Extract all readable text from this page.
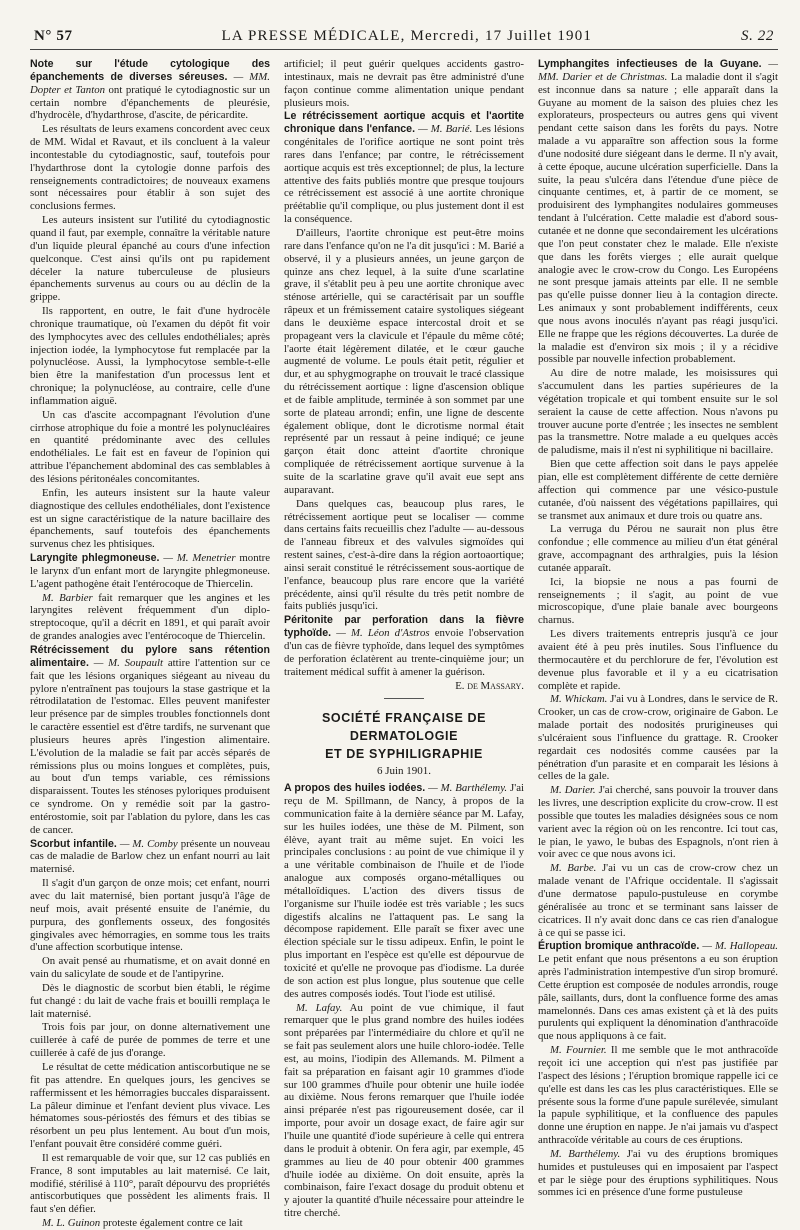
N° 57	LA PRESSE MÉDICALE, Mercredi, 17 Juillet 1901	S. 22

Note sur l'étude cytologique des épanchements de diverses séreuses. — MM. Dopter et Tanton ont pratiqué le cytodiagnostic sur un certain nombre d'épanchements de pleurésie, d'hydrocèle, d'hydarthrose, d'ascite, de péricardite.

Les résultats de leurs examens concordent avec ceux de MM. Widal et Ravaut, et ils concluent à la valeur incontestable du cytodiagnostic, sauf, toutefois pour l'hydarthrose dont la cytologie donne parfois des renseignements contradictoires; de nouveaux examens sont nécessaires pour établir à son sujet des conclusions fermes.

Les auteurs insistent sur l'utilité du cytodiagnostic quand il faut, par exemple, connaître la véritable nature d'un liquide pleural épanché au cours d'une infection quelconque. C'est ainsi qu'ils ont pu rapidement déceler la nature tuberculeuse de plusieurs épanchements survenus au cours ou au déclin de la grippe.

Ils rapportent, en outre, le fait d'une hydrocèle chronique traumatique, où l'examen du dépôt fit voir des lymphocytes avec des cellules endothéliales; après injection iodée, la lymphocytose fut remplacée par la polynucléose. Aussi, la lymphocytose semble-t-elle bien être la manifestation d'un processus lent et chronique; la polynucléose, au contraire, celle d'une inflammation aiguë.

Un cas d'ascite accompagnant l'évolution d'une cirrhose atrophique du foie a montré les polynucléaires en quantité prédominante avec des cellules endothéliales. Le fait est en faveur de l'opinion qui attribue l'épanchement abdominal des cas semblables à des lésions péritonéales concomitantes.

Enfin, les auteurs insistent sur la haute valeur diagnostique des cellules endothéliales, dont l'existence est un signe caractéristique de la nature bacillaire des épanchements, sauf toutefois des épanchements survenus chez les phtisiques.

Laryngite phlegmoneuse. — M. Menetrier montre le larynx d'un enfant mort de laryngite phlegmoneuse. L'agent pathogène était l'entérocoque de Thiercelin.

M. Barbier fait remarquer que les angines et les laryngites relèvent fréquemment d'un diplo-streptocoque, qu'il a décrit en 1891, et qui paraît avoir de grandes analogies avec l'entérocoque de Thiercelin.

Rétrécissement du pylore sans rétention alimentaire. — M. Soupault attire l'attention sur ce fait que les lésions organiques siégeant au niveau du pylore n'entraînent pas toujours la stase gastrique et la rétrodilatation de l'estomac. Elles peuvent manifester leur présence par de simples troubles fonctionnels dont le caractère essentiel est d'être tardifs, ne survenant que plusieurs heures après l'ingestion alimentaire. L'évolution de la maladie se fait par accès séparés de rémissions plus ou moins longues et complètes, puis, au bout d'un temps variable, ces rémissions disparaissent. Toutes les sténoses pyloriques produisent ce syndrome. On y remédie soit par la gastro-entérostomie, soit par l'ablation du pylore, dans les cas de cancer.

Scorbut infantile. — M. Comby présente un nouveau cas de maladie de Barlow chez un enfant nourri au lait maternisé.

Il s'agit d'un garçon de onze mois; cet enfant, nourri avec du lait maternisé, bien portant jusqu'à l'âge de neuf mois, avait présenté ensuite de l'anémie, du purpura, des gonflements osseux, des fongosités gingivales avec hémorragies, en somme tous les traits d'une affection scorbutique intense.

On avait pensé au rhumatisme, et on avait donné en vain du salicylate de soude et de l'antipyrine.

Dès le diagnostic de scorbut bien établi, le régime fut changé : du lait de vache frais et bouilli remplaça le lait maternisé.

Trois fois par jour, on donne alternativement une cuillerée à café de purée de pommes de terre et une cuillerée à café de jus d'orange.

Le résultat de cette médication antiscorbutique ne se fit pas attendre. En quelques jours, les gencives se raffermissent et les hémorragies buccales disparaissent. La pâleur diminue et l'enfant devient plus vivace. Les hématomes sous-périostés des fémurs et des tibias se résorbent un peu plus lentement. Au bout d'un mois, l'enfant pouvait être considéré comme guéri.

Il est remarquable de voir que, sur 12 cas publiés en France, 8 sont imputables au lait maternisé. Ce lait, modifié, stérilisé à 110°, paraît dépourvu des propriétés antiscorbutiques que possèdent les aliments frais. Il faut s'en défier.

M. L. Guinon proteste également contre ce lait

artificiel; il peut guérir quelques accidents gastro-intestinaux, mais ne devrait pas être administré d'une façon continue comme alimentation unique pendant plusieurs mois.

Le rétrécissement aortique acquis et l'aortite chronique dans l'enfance. — M. Barié. Les lésions congénitales de l'orifice aortique ne sont point très rares dans l'enfance; par contre, le rétrécissement aortique acquis est très exceptionnel; de plus, la lecture attentive des faits publiés montre que presque toujours ce rétrécissement est associé à une aortite chronique préétablie qu'il complique, ou plus justement dont il est la conséquence.

D'ailleurs, l'aortite chronique est peut-être moins rare dans l'enfance qu'on ne l'a dit jusqu'ici : M. Barié a observé, il y a plusieurs années, un jeune garçon de quinze ans chez lequel, à la suite d'une scarlatine grave, il s'établit peu à peu une aortite chronique avec sténose artérielle, qui se caractérisait par un souffle râpeux et un frémissement cataire systoliques siégeant dans le deuxième espace intercostal droit et se propageant vers la clavicule et l'épaule du même côté; l'aorte était légèrement dilatée, et le cœur gauche augmenté de volume. Le pouls était petit, régulier et dur, et au sphygmographe on trouvait le tracé classique du rétrécissement aortique : ligne d'ascension oblique et de faible amplitude, terminée à son sommet par une sorte de plateau arrondi; enfin, une ligne de descente également oblique, dont le dicrotisme normal était représenté par un ressaut à peine indiqué; ce jeune garçon était donc atteint d'aortite chronique compliquée de rétrécissement aortique survenue à la suite de la scarlatine grave qu'il avait eue sept ans auparavant.

Dans quelques cas, beaucoup plus rares, le rétrécissement aortique peut se localiser — comme dans certains faits recueillis chez l'adulte — au-dessous de l'anneau fibreux et des valvules sigmoïdes qui restent saines, c'est-à-dire dans la région aortoaortique; ainsi serait constitué le rétrécissement sous-aortique de l'enfance, beaucoup plus rare encore que la variété précédente, ainsi qu'il résulte du très petit nombre de faits publiés jusqu'ici.

Péritonite par perforation dans la fièvre typhoïde. — M. Léon d'Astros envoie l'observation d'un cas de fièvre typhoïde, dans lequel des symptômes de perforation éclatèrent au trente-cinquième jour; un traitement médical suffit à amener la guérison.

E. de Massary.

SOCIÉTÉ FRANÇAISE DE DERMATOLOGIE
ET DE SYPHILIGRAPHIE
6 Juin 1901.

A propos des huiles iodées. — M. Barthélemy. J'ai reçu de M. Spillmann, de Nancy, à propos de la communication faite à la dernière séance par M. Lafay, sur les huiles iodées, une thèse de M. Pilment, son élève, ayant trait au même sujet. En voici les principales conclusions : au point de vue chimique il y a une véritable combinaison de l'huile et de l'iode analogue aux composés organo-métalliques ou métalloïdiques. L'action des divers tissus de l'organisme sur l'huile iodée est très variable ; les sucs digestifs alcalins ne l'attaquent pas. Le sang la décompose rapidement. Elle paraît se fixer avec une élection spéciale sur le tissu adipeux. Enfin, le point le plus important en l'espèce est qu'elle est dépourvue de toxicité et qu'elle ne provoque pas d'iodisme. La durée de son action est plus longue, plus soutenue que celle des autres composés iodés. Tout l'iode est utilisé.

M. Lafay. Au point de vue chimique, il faut remarquer que le plus grand nombre des huiles iodées sont préparées par l'intermédiaire du chlore et qu'il ne se fait pas seulement alors une huile chloro-iodée. Telle est, au moins, l'iodipin des Allemands. M. Pilment a fait sa préparation en faisant agir 10 grammes d'iode sur 100 grammes d'huile pour obtenir une huile iodée au dixième. Nous ferons remarquer que l'huile iodée ainsi préparée n'est pas rigoureusement dosée, car il importe, pour avoir un dosage exact, de faire agir sur l'huile une quantité d'iode supérieure à celle qui entrera dans le produit à obtenir. On fera agir, par exemple, 45 grammes au lieu de 40 pour obtenir 400 grammes d'huile iodée au dixième. On doit ensuite, après la combinaison, faire l'exact dosage du produit obtenu et y ajouter la quantité d'huile nécessaire pour atteindre le titre cherché.

Lymphangites infectieuses de la Guyane. — MM. Darier et de Christmas. La maladie dont il s'agit est inconnue dans sa nature ; elle apparaît dans la Guyane au moment de la saison des pluies chez les explorateurs, prospecteurs ou autres gens qui vivent pendant cette saison dans les forêts du pays. Notre malade a vu apparaître son affection sous la forme d'une nodosité dure siégeant dans le derme. Il n'y avait, à cette époque, aucune ulcération superficielle. Dans la suite, la peau s'ulcéra dans l'étendue d'une pièce de cinquante centimes, et, à partir de ce moment, se produisirent des lymphangites nodulaires gommeuses tendant à l'ulcération. Cette maladie est d'abord sous-cutanée et ne donne que secondairement les ulcérations que l'on peut constater chez le malade. Elle n'existe que dans les forêts vierges ; elle aurait quelque analogie avec le crow-crow du Congo. Les Européens ne sont presque jamais atteints par elle. Il ne semble pas qu'elle puisse donner lieu à la contagion directe. Les animaux y sont probablement indifférents, ceux que nous avons inoculés n'ayant pas réagi jusqu'ici. Elle ne frappe que les régions découvertes. La durée de la maladie est d'environ six mois ; il y a récidive possible par nouvelle infection probablement.

Au dire de notre malade, les moisissures qui s'accumulent dans les parties supérieures de la végétation tropicale et qui tombent ensuite sur le sol seraient la cause de cette affection. Nous n'avons pu trouver aucune porte d'entrée ; les insectes ne semblent pas la transmettre. Notre malade a eu quelques accès de paludisme, mais il n'est ni syphilitique ni bacillaire.

Bien que cette affection soit dans le pays appelée pian, elle est complètement différente de cette dernière affection qui commence par une vésico-pustule cutanée, d'où naissent des végétations papillaires, qui se transmet aux animaux et dure trois ou quatre ans.

La verruga du Pérou ne saurait non plus être confondue ; elle commence au milieu d'un état général grave, accompagnant des arthralgies, puis la lésion cutanée apparaît.

Ici, la biopsie ne nous a pas fourni de renseignements ; il s'agit, au point de vue microscopique, d'une plaie banale avec bourgeons charnus.

Les divers traitements entrepris jusqu'à ce jour avaient été à peu près inutiles. Sous l'influence du thermocautère et du perchlorure de fer, l'évolution est devenue plus favorable et il y a eu cicatrisation complète et rapide.

M. Whickam. J'ai vu à Londres, dans le service de R. Crooker, un cas de crow-crow, originaire de Gabon. Le malade portait des nodosités prurigineuses qui s'ulcéraient sous l'influence du grattage. R. Crooker regardait ces nodosités comme causées par la pénétration d'un parasite et en comparait les lésions à celles de la gale.

M. Darier. J'ai cherché, sans pouvoir la trouver dans les livres, une description explicite du crow-crow. Il est possible que toutes les maladies désignées sous ce nom varient avec la région où on les rencontre. Ici tout cas, le pian, le yawo, le bubas des Espagnols, n'ont rien à voir avec ce que nous avons ici.

M. Barbe. J'ai vu un cas de crow-crow chez un malade venant de l'Afrique occidentale. Il s'agissait d'une dermatose papulo-pustuleuse en corymbe généralisée au tronc et se terminant sans laisser de cicatrices. Il n'y avait donc dans ce cas rien d'analogue à ce qui se passe ici.

Éruption bromique anthracoïde. — M. Hallopeau. Le petit enfant que nous présentons a eu son éruption après l'administration intempestive d'un sirop bromuré. Cette éruption est composée de nodules arrondis, rouge pâle, saillants, durs, dont la confluence forme des amas mamelonnés. Dans ces amas existent çà et là des puits purulents qui expliquent la dénomination d'anthracoïde que nous appliquons à ce fait.

M. Fournier. Il me semble que le mot anthracoïde reçoit ici une acception qui n'est pas justifiée par l'aspect des lésions ; l'éruption bromique rappelle ici ce qu'elle est dans les cas les plus caractéristiques. Elle se présente sous la forme d'une papule surélevée, simulant la papule syphilitique, et la confluence des papules donne une éruption en nappe. Je n'ai jamais vu d'aspect anthracoïde véritable au cours de ces éruptions.

M. Barthélemy. J'ai vu des éruptions bromiques humides et pustuleuses qui en imposaient par l'aspect et par le siège pour des éruptions syphilitiques. Nous sommes ici en présence d'une forme pustuleuse
